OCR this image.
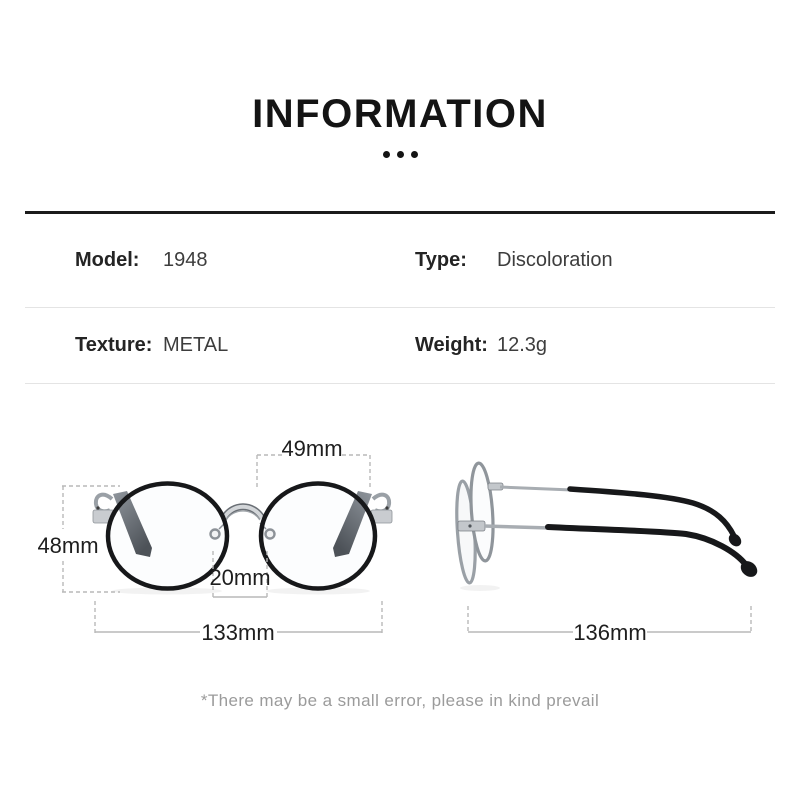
INFORMATION
Model:	1948	Type:	Discoloration
Texture: METAL	Weight: 12.3g
49mm
48mm
20mm
133mm	136mm
*There may be a small error, please in kind prevail
